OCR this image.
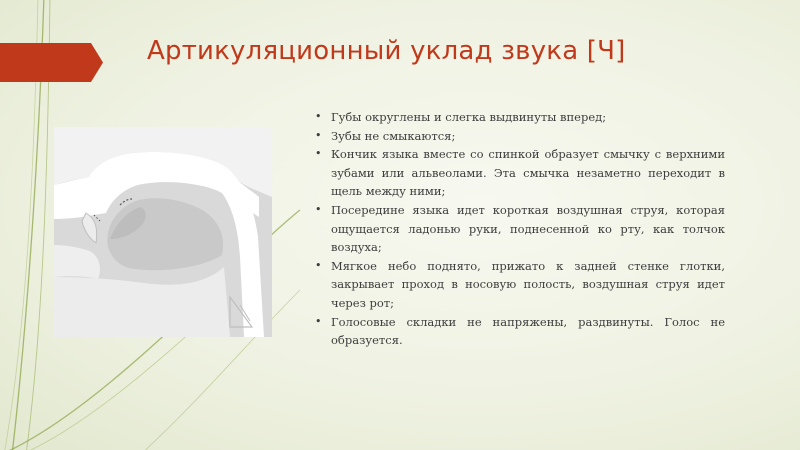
Артикуляционный уклад звука [Ч]
• Губы округлены и слегка выдвинуты вперед;
• Зубы не смыкаются;
• Кончик языка вместе со спинкой образует смычку с верхними зубами или альвеолами. Эта смычка незаметно переходит в щель между ними;
• Посередине языка идет короткая воздушная струя, которая ощущается ладонью руки, поднесенной ко рту, как толчок воздуха;
• Мягкое небо поднято, прижато к задней стенке глотки, закрывает проход в носовую полость, воздушная струя идет через рот;
• Голосовые складки не напряжены, раздвинуты. Голос не образуется.
